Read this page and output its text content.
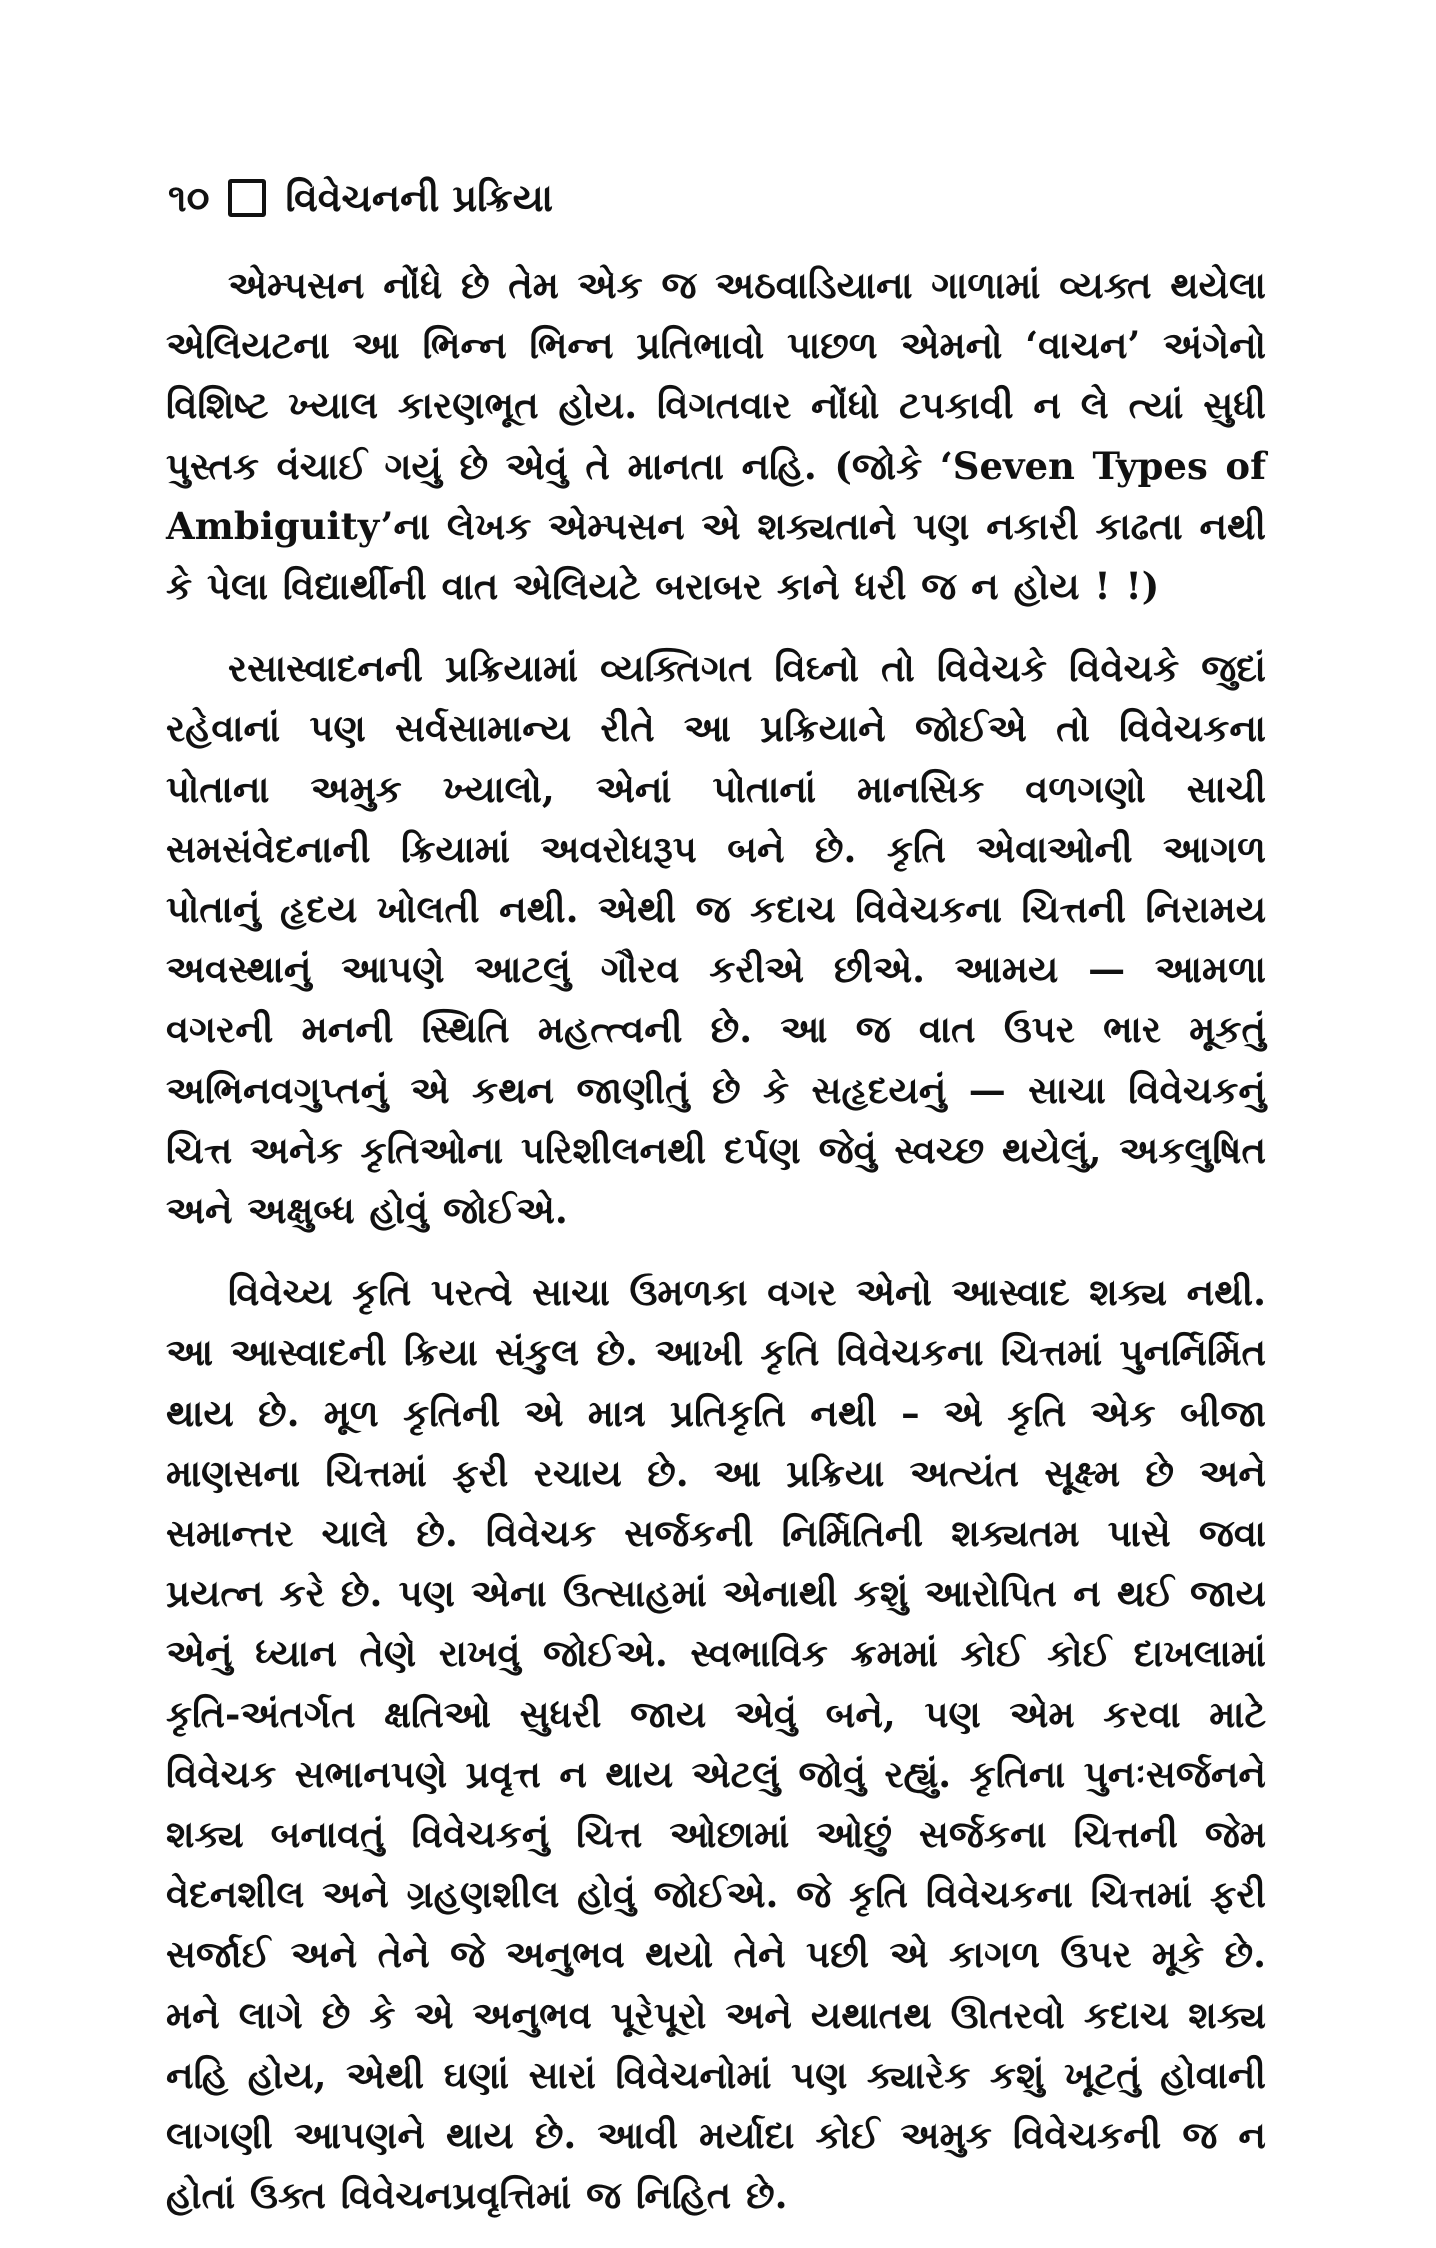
૧૦ વિવેચનની પ્રક્રિયા

એમ્પસન નોંધે છે તેમ એક જ અઠવાડિયાના ગાળામાં વ્યક્ત થયેલા એલિયટના આ ભિન્ન ભિન્ન પ્રતિભાવો પાછળ એમનો ‘વાચન’ અંગેનો વિશિષ્ટ ખ્યાલ કારણભૂત હોય. વિગતવાર નોંધો ટપકાવી ન લે ત્યાં સુધી પુસ્તક વંચાઈ ગયું છે એવું તે માનતા નહિ. (જોકે ‘Seven Types of Ambiguity’ના લેખક એમ્પસન એ શક્યતાને પણ નકારી કાઢતા નથી કે પેલા વિદ્યાર્થીની વાત એલિયટે બરાબર કાને ધરી જ ન હોય ! !)

રસાસ્વાદનની પ્રક્રિયામાં વ્યક્તિગત વિઘ્નો તો વિવેચકે વિવેચકે જુદાં રહેવાનાં પણ સર્વસામાન્ય રીતે આ પ્રક્રિયાને જોઈએ તો વિવેચકના પોતાના અમુક ખ્યાલો, એનાં પોતાનાં માનસિક વળગણો સાચી સમસંવેદનાની ક્રિયામાં અવરોધરૂપ બને છે. કૃતિ એવાઓની આગળ પોતાનું હૃદય ખોલતી નથી. એથી જ કદાચ વિવેચકના ચિત્તની નિરામય અવસ્થાનું આપણે આટલું ગૌરવ કરીએ છીએ. આમય — આમળા વગરની મનની સ્થિતિ મહત્ત્વની છે. આ જ વાત ઉપર ભાર મૂકતું અભિનવગુપ્તનું એ કથન જાણીતું છે કે સહૃદયનું — સાચા વિવેચકનું ચિત્ત અનેક કૃતિઓના પરિશીલનથી દર્પણ જેવું સ્વચ્છ થયેલું, અકલુષિત અને અક્ષુબ્ધ હોવું જોઈએ.

વિવેચ્ય કૃતિ પરત્વે સાચા ઉમળકા વગર એનો આસ્વાદ શક્ય નથી. આ આસ્વાદની ક્રિયા સંકુલ છે. આખી કૃતિ વિવેચકના ચિત્તમાં પુનર્નિર્મિત થાય છે. મૂળ કૃતિની એ માત્ર પ્રતિકૃતિ નથી – એ કૃતિ એક બીજા માણસના ચિત્તમાં ફરી રચાય છે. આ પ્રક્રિયા અત્યંત સૂક્ષ્મ છે અને સમાન્તર ચાલે છે. વિવેચક સર્જકની નિર્મિતિની શક્યતમ પાસે જવા પ્રયત્ન કરે છે. પણ એના ઉત્સાહમાં એનાથી કશું આરોપિત ન થઈ જાય એનું ધ્યાન તેણે રાખવું જોઈએ. સ્વભાવિક ક્રમમાં કોઈ કોઈ દાખલામાં કૃતિ-અંતર્ગત ક્ષતિઓ સુધરી જાય એવું બને, પણ એમ કરવા માટે વિવેચક સભાનપણે પ્રવૃત્ત ન થાય એટલું જોવું રહ્યું. કૃતિના પુનઃસર્જનને શક્ય બનાવતું વિવેચકનું ચિત્ત ઓછામાં ઓછું સર્જકના ચિત્તની જેમ વેદનશીલ અને ગ્રહણશીલ હોવું જોઈએ. જે કૃતિ વિવેચકના ચિત્તમાં ફરી સર્જાઈ અને તેને જે અનુભવ થયો તેને પછી એ કાગળ ઉપર મૂકે છે. મને લાગે છે કે એ અનુભવ પૂરેપૂરો અને યથાતથ ઊતરવો કદાચ શક્ય નહિ હોય, એથી ઘણાં સારાં વિવેચનોમાં પણ ક્યારેક કશું ખૂટતું હોવાની લાગણી આપણને થાય છે. આવી મર્યાદા કોઈ અમુક વિવેચકની જ ન હોતાં ઉક્ત વિવેચનપ્રવૃત્તિમાં જ નિહિત છે.
